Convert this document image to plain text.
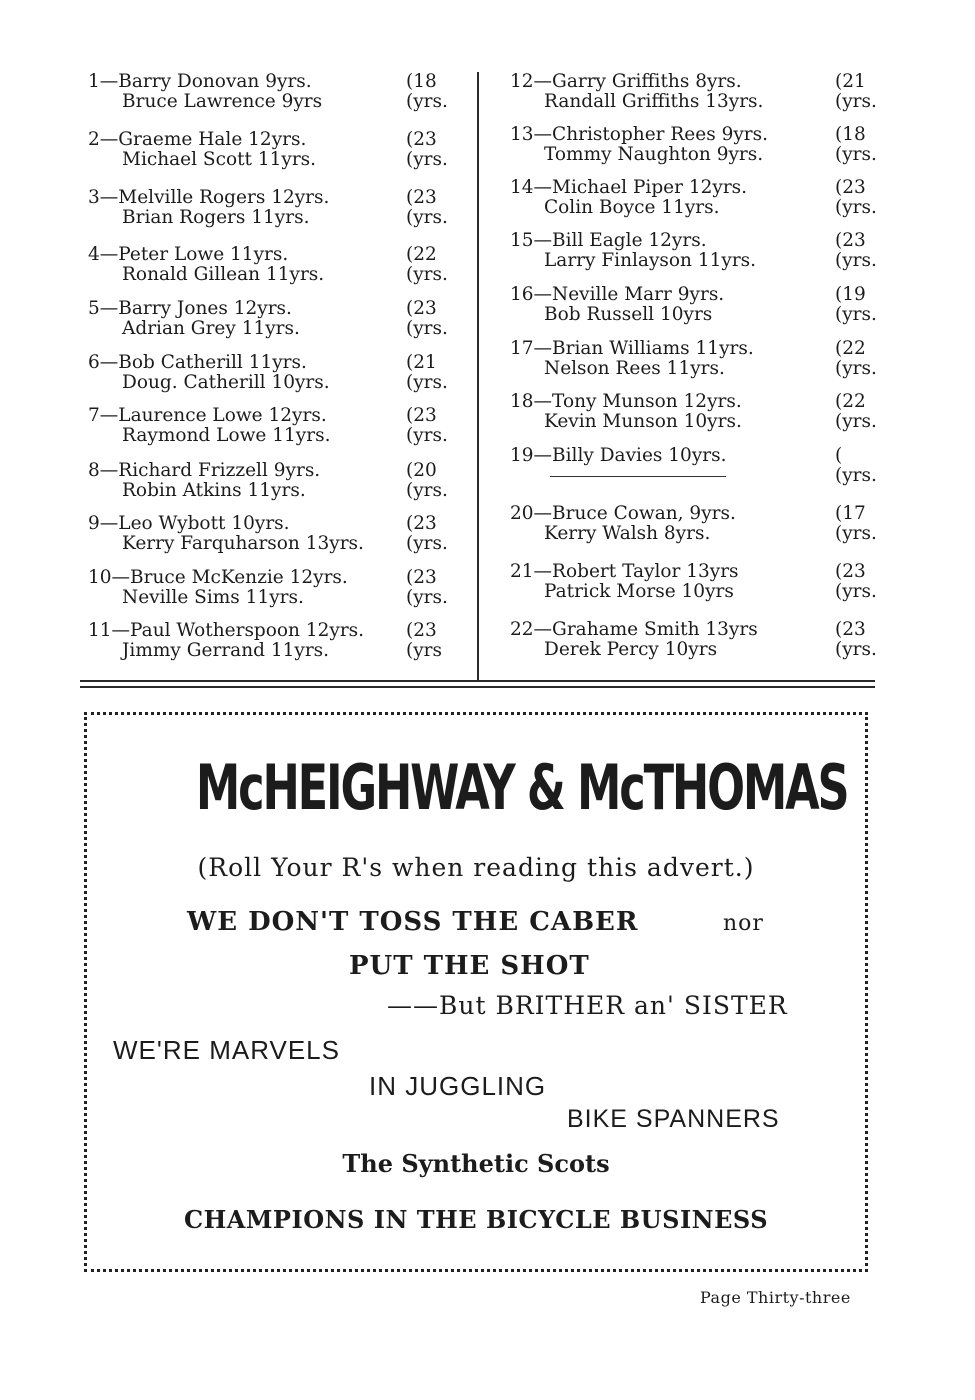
1—Barry Donovan 9yrs.	(18
Bruce Lawrence 9yrs	(yrs.
2—Graeme Hale 12yrs.	(23
Michael Scott 11yrs.	(yrs.
3—Melville Rogers 12yrs.	(23
Brian Rogers 11yrs.	(yrs.
4—Peter Lowe 11yrs.	(22
Ronald Gillean 11yrs.	(yrs.
5—Barry Jones 12yrs.	(23
Adrian Grey 11yrs.	(yrs.
6—Bob Catherill 11yrs.	(21
Doug. Catherill 10yrs.	(yrs.
7—Laurence Lowe 12yrs.	(23
Raymond Lowe 11yrs.	(yrs.
8—Richard Frizzell 9yrs.	(20
Robin Atkins 11yrs.	(yrs.
9—Leo Wybott 10yrs.	(23
Kerry Farquharson 13yrs. (yrs.
10—Bruce McKenzie 12yrs.	(23
Neville Sims 11yrs.	(yrs.
11—Paul Wotherspoon 12yrs. (23
Jimmy Gerrand 11yrs.	(yrs
12—Garry Griffiths 8yrs.	(21
Randall Griffiths 13yrs.	(yrs.
13—Christopher Rees 9yrs.	(18
Tommy Naughton 9yrs.	(yrs.
14—Michael Piper 12yrs.	(23
Colin Boyce 11yrs.	(yrs.
15—Bill Eagle 12yrs.	(23
Larry Finlayson 11yrs.	(yrs.
16—Neville Marr 9yrs.	(19
Bob Russell 10yrs	(yrs.
17—Brian Williams 11yrs.	(22
Nelson Rees 11yrs.	(yrs.
18—Tony Munson 12yrs.	(22
Kevin Munson 10yrs.	(yrs.
19—Billy Davies 10yrs.	(
(yrs.
20—Bruce Cowan, 9yrs.	(17
Kerry Walsh 8yrs.	(yrs.
21—Robert Taylor 13yrs	(23
Patrick Morse 10yrs	(yrs.
22—Grahame Smith 13yrs	(23
Derek Percy 10yrs	(yrs.
McHEIGHWAY & McTHOMAS
(Roll Your R's when reading this advert.)
WE DON'T TOSS THE CABER	nor
PUT THE SHOT
——But BRITHER an' SISTER
WE'RE MARVELS
IN JUGGLING
BIKE SPANNERS
The Synthetic Scots
CHAMPIONS IN THE BICYCLE BUSINESS
Page Thirty-three
